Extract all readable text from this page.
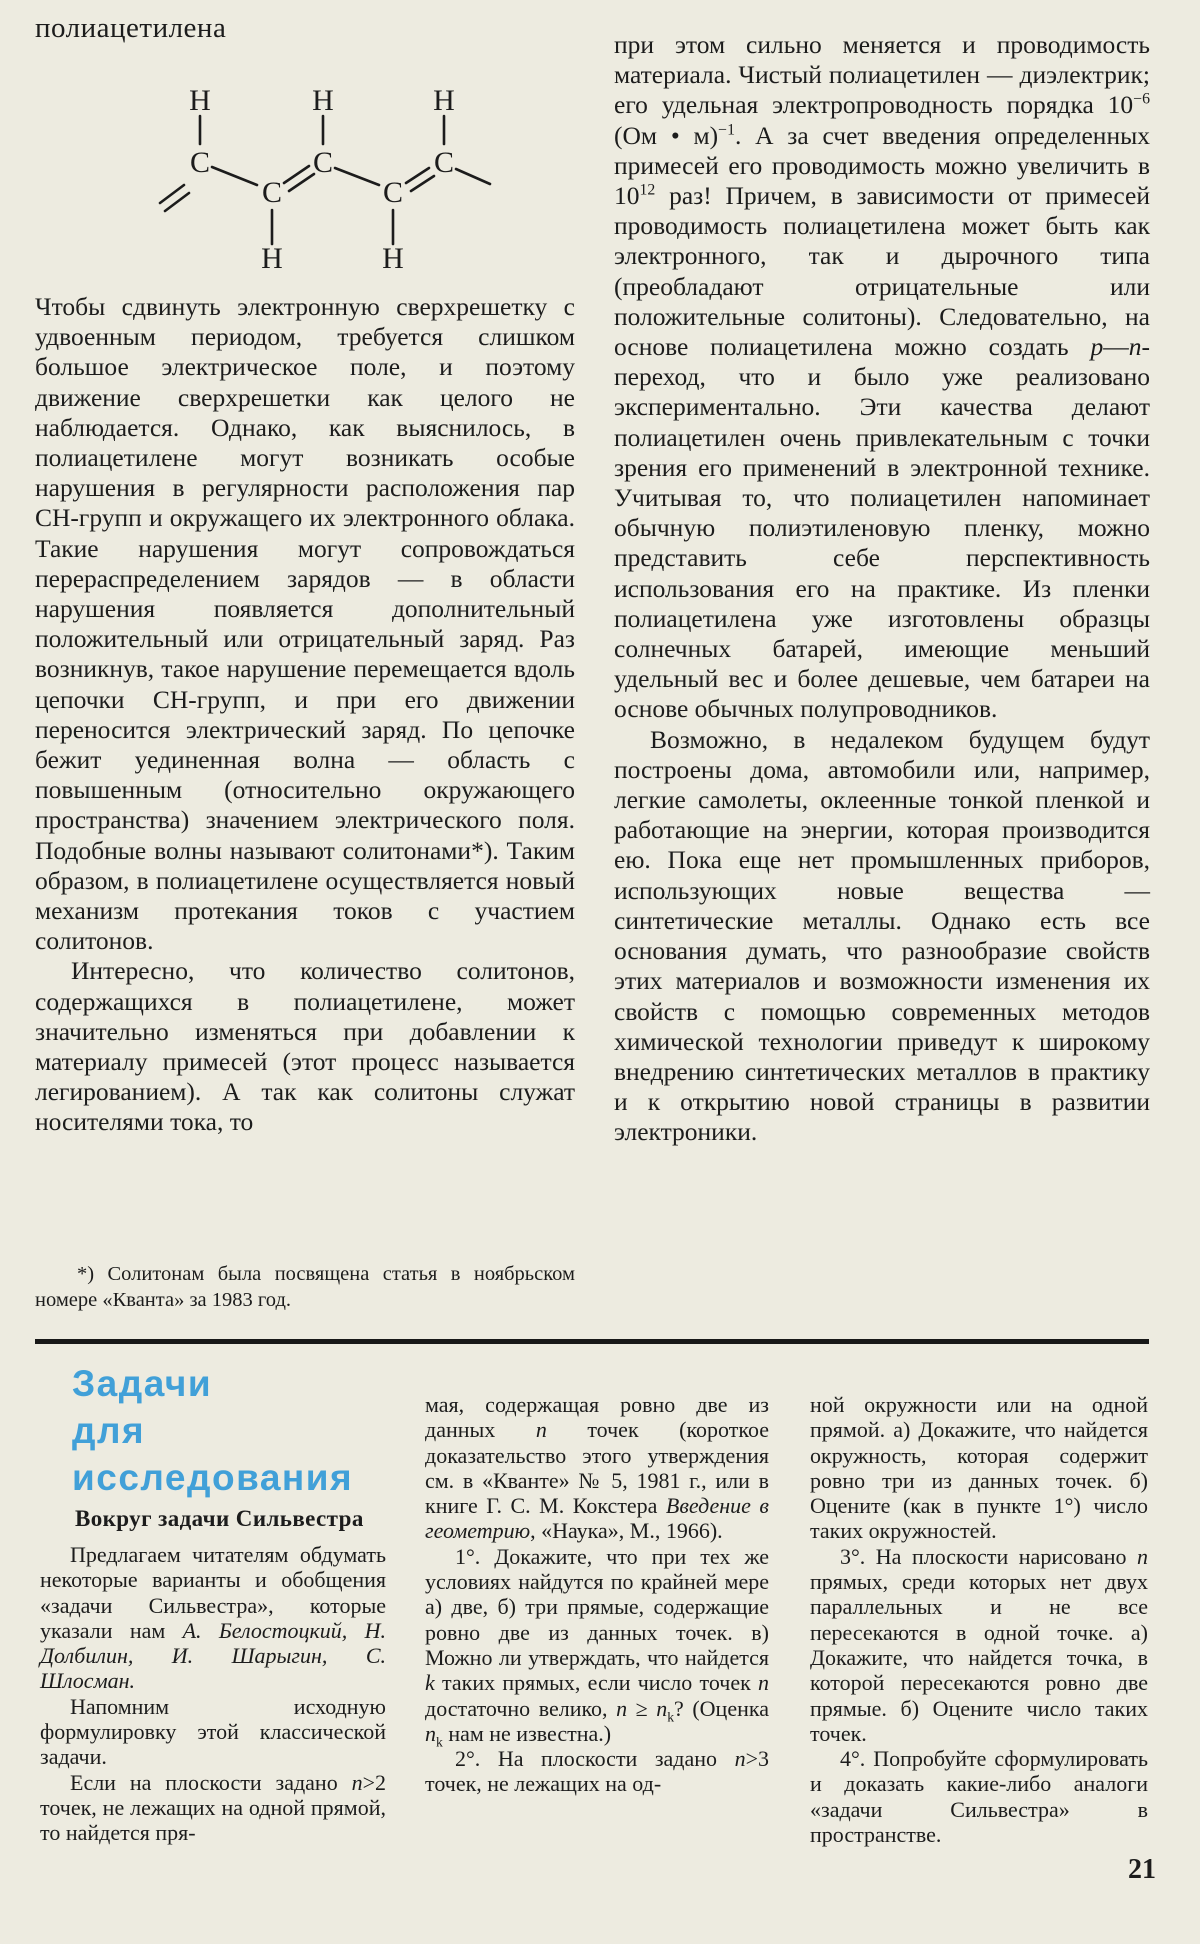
полиацетилена
H	H	H
C	C	C
C	C
H	H

Чтобы сдвинуть электронную сверхрешетку с удвоенным периодом, требуется слишком большое электрическое поле, и поэтому движение сверхрешетки как целого не наблюдается. Однако, как выяснилось, в полиацетилене могут возникать особые нарушения в регулярности расположения пар CH-групп и окружащего их электронного облака. Такие нарушения могут сопровождаться перераспределением зарядов — в области нарушения появляется дополнительный положительный или отрицательный заряд. Раз возникнув, такое нарушение перемещается вдоль цепочки CH-групп, и при его движении переносится электрический заряд. По цепочке бежит уединенная волна — область с повышенным (относительно окружающего пространства) значением электрического поля. Подобные волны называют солитонами*). Таким образом, в полиацетилене осуществляется новый механизм протекания токов с участием солитонов.

Интересно, что количество солитонов, содержащихся в полиацетилене, может значительно изменяться при добавлении к материалу примесей (этот процесс называется легированием). А так как солитоны служат носителями тока, то

при этом сильно меняется и проводимость материала. Чистый полиацетилен — диэлектрик; его удельная электропроводность порядка $10^{-6}$ (Ом • м)$^{-1}$. А за счет введения определенных примесей его проводимость можно увеличить в $10^{12}$ раз! Причем, в зависимости от примесей проводимость полиацетилена может быть как электронного, так и дырочного типа (преобладают отрицательные или положительные солитоны). Следовательно, на основе полиацетилена можно создать p—n-переход, что и было уже реализовано экспериментально. Эти качества делают полиацетилен очень привлекательным с точки зрения его применений в электронной технике. Учитывая то, что полиацетилен напоминает обычную полиэтиленовую пленку, можно представить себе перспективность использования его на практике. Из пленки полиацетилена уже изготовлены образцы солнечных батарей, имеющие меньший удельный вес и более дешевые, чем батареи на основе обычных полупроводников.

Возможно, в недалеком будущем будут построены дома, автомобили или, например, легкие самолеты, оклеенные тонкой пленкой и работающие на энергии, которая производится ею. Пока еще нет промышленных приборов, использующих новые вещества — синтетические металлы. Однако есть все основания думать, что разнообразие свойств этих материалов и возможности изменения их свойств с помощью современных методов химической технологии приведут к широкому внедрению синтетических металлов в практику и к открытию новой страницы в развитии электроники.

*) Солитонам была посвящена статья в ноябрьском номере «Кванта» за 1983 год.

Задачи
для
исследования
Вокруг задачи Сильвестра

Предлагаем читателям обдумать некоторые варианты и обобщения «задачи Сильвестра», которые указали нам А. Белостоцкий, Н. Долбилин, И. Шарыгин, С. Шлосман.

Напомним исходную формулировку этой классической задачи.

Если на плоскости задано n>2 точек, не лежащих на одной прямой, то найдется пря-

мая, содержащая ровно две из данных n точек (короткое доказательство этого утверждения см. в «Кванте» № 5, 1981 г., или в книге Г. С. М. Кокстера Введение в геометрию, «Наука», М., 1966).

1°. Докажите, что при тех же условиях найдутся по крайней мере а) две, б) три прямые, содержащие ровно две из данных точек. в) Можно ли утверждать, что найдется k таких прямых, если число точек n достаточно велико, $n \ge n_k$? (Оценка $n_k$ нам не известна.)

2°. На плоскости задано n>3 точек, не лежащих на од-

ной окружности или на одной прямой. а) Докажите, что найдется окружность, которая содержит ровно три из данных точек. б) Оцените (как в пункте 1°) число таких окружностей.

3°. На плоскости нарисовано n прямых, среди которых нет двух параллельных и не все пересекаются в одной точке. а) Докажите, что найдется точка, в которой пересекаются ровно две прямые. б) Оцените число таких точек.

4°. Попробуйте сформулировать и доказать какие-либо аналоги «задачи Сильвестра» в пространстве.

21
